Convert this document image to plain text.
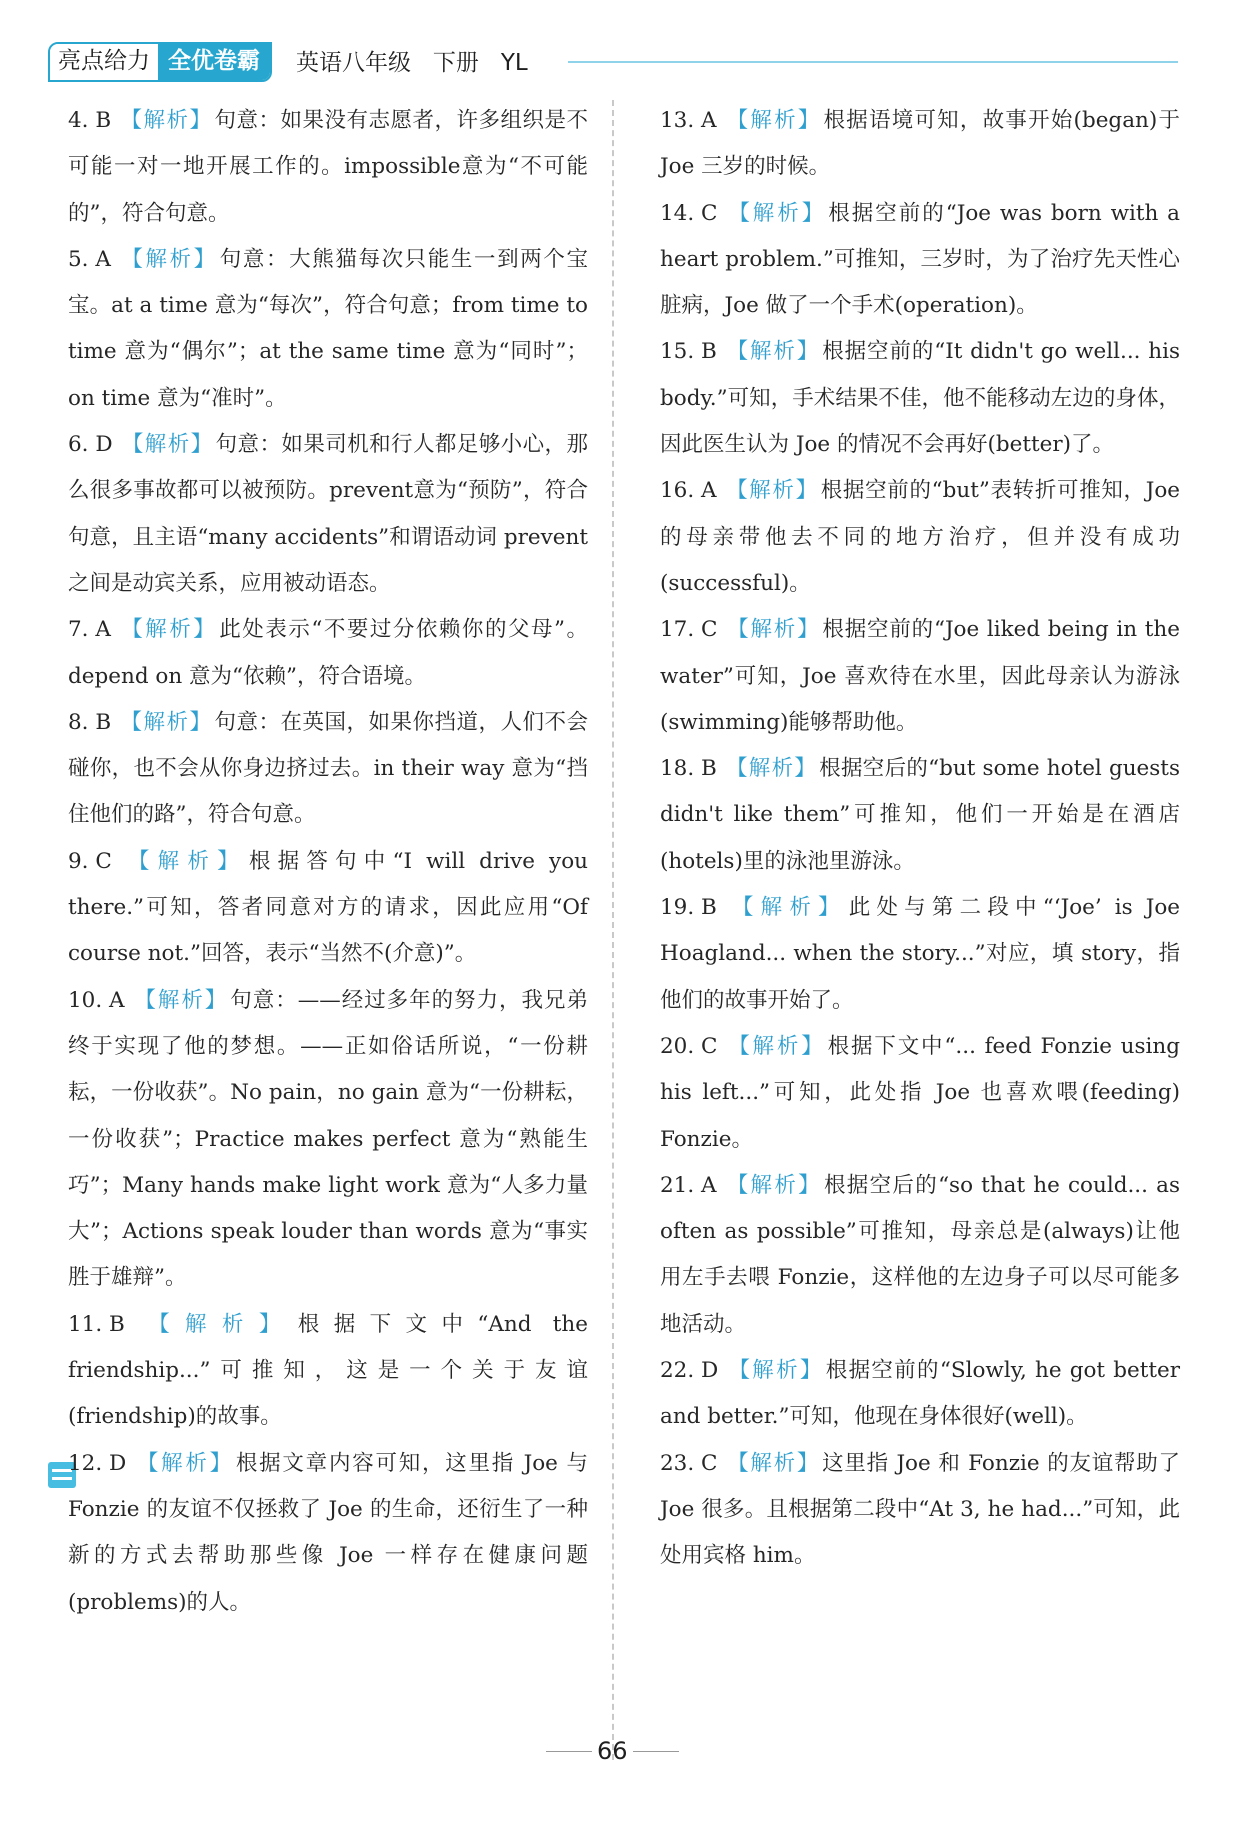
亮点给力 全优卷霸	英语八年级   下册   YL
4. B 【解析】句意：如果没有志愿者，许多组织是不可能一对一地开展工作的。impossible意为“不可能的”，符合句意。
5. A 【解析】句意：大熊猫每次只能生一到两个宝宝。at a time 意为“每次”，符合句意；from time to time 意为“偶尔”；at the same time 意为“同时”；on time 意为“准时”。
6. D 【解析】句意：如果司机和行人都足够小心，那么很多事故都可以被预防。prevent意为“预防”，符合句意，且主语“many accidents”和谓语动词 prevent 之间是动宾关系，应用被动语态。
7. A 【解析】此处表示“不要过分依赖你的父母”。depend on 意为“依赖”，符合语境。
8. B 【解析】句意：在英国，如果你挡道，人们不会碰你，也不会从你身边挤过去。in their way 意为“挡住他们的路”，符合句意。
9. C 【解析】根据答句中“I will drive you there.”可知，答者同意对方的请求，因此应用“Of course not.”回答，表示“当然不(介意)”。
10. A 【解析】句意：——经过多年的努力，我兄弟终于实现了他的梦想。——正如俗话所说，“一份耕耘，一份收获”。No pain，no gain 意为“一份耕耘，一份收获”；Practice makes perfect 意为“熟能生巧”；Many hands make light work 意为“人多力量大”；Actions speak louder than words 意为“事实胜于雄辩”。
11. B 【解析】根据下文中“And the friendship...”可推知，这是一个关于友谊(friendship)的故事。
12. D 【解析】根据文章内容可知，这里指 Joe 与 Fonzie 的友谊不仅拯救了 Joe 的生命，还衍生了一种新的方式去帮助那些像 Joe 一样存在健康问题(problems)的人。
13. A 【解析】根据语境可知，故事开始(began)于 Joe 三岁的时候。
14. C 【解析】根据空前的“Joe was born with a heart problem.”可推知，三岁时，为了治疗先天性心脏病，Joe 做了一个手术(operation)。
15. B 【解析】根据空前的“It didn't go well... his body.”可知，手术结果不佳，他不能移动左边的身体，因此医生认为 Joe 的情况不会再好(better)了。
16. A 【解析】根据空前的“but”表转折可推知，Joe 的母亲带他去不同的地方治疗，但并没有成功(successful)。
17. C 【解析】根据空前的“Joe liked being in the water”可知，Joe 喜欢待在水里，因此母亲认为游泳(swimming)能够帮助他。
18. B 【解析】根据空后的“but some hotel guests didn't like them”可推知，他们一开始是在酒店(hotels)里的泳池里游泳。
19. B 【解析】此处与第二段中“‘Joe’ is Joe Hoagland... when the story...”对应，填 story，指他们的故事开始了。
20. C 【解析】根据下文中“... feed Fonzie using his left...”可知，此处指 Joe 也喜欢喂(feeding) Fonzie。
21. A 【解析】根据空后的“so that he could... as often as possible”可推知，母亲总是(always)让他用左手去喂 Fonzie，这样他的左边身子可以尽可能多地活动。
22. D 【解析】根据空前的“Slowly, he got better and better.”可知，他现在身体很好(well)。
23. C 【解析】这里指 Joe 和 Fonzie 的友谊帮助了 Joe 很多。且根据第二段中“At 3, he had...”可知，此处用宾格 him。
66
